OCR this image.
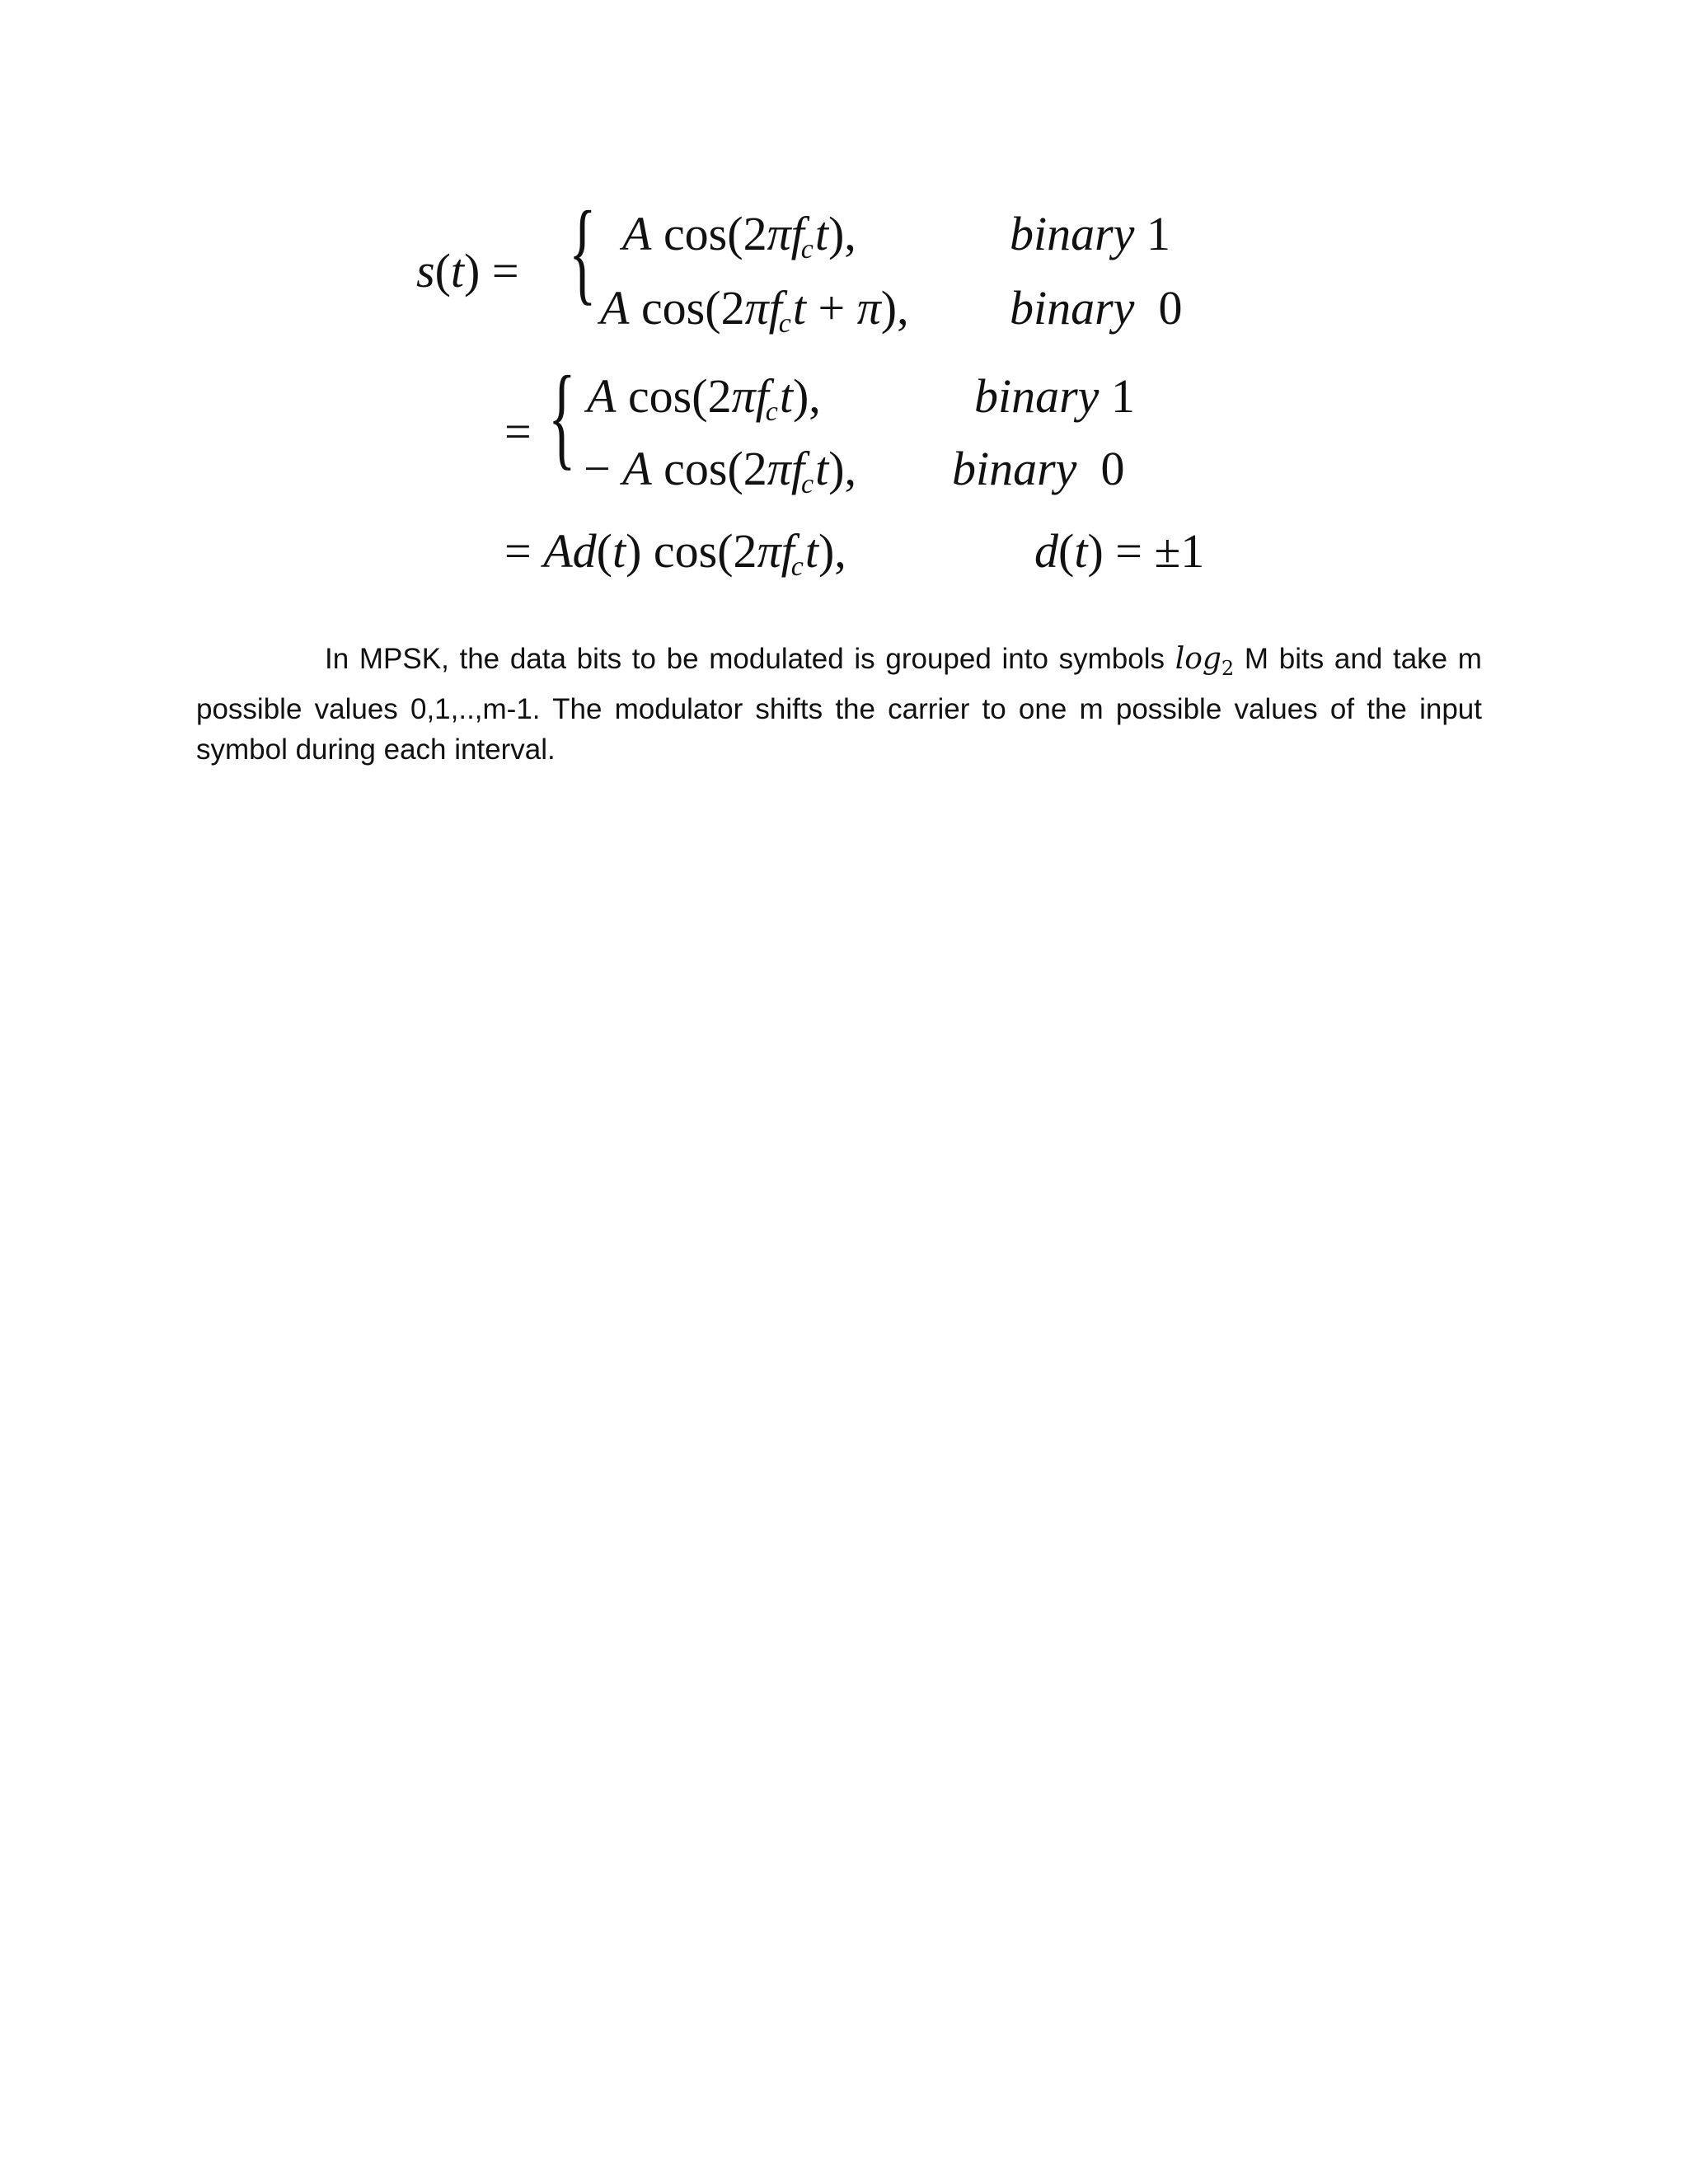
s(t) = { A $\cos(2\pi f_ct)$,	binary 1
A $\cos(2\pi f_ct + \pi)$, binary  0
= { A $\cos(2\pi f_ct)$,	binary 1
− A $\cos(2\pi f_ct)$, binary  0
= Ad(t) $\cos(2\pi f_ct)$,	d(t) = ±1

In MPSK, the data bits to be modulated is grouped into symbols $\log_2 M$ bits and take m possible values 0,1,..,m-1. The modulator shifts the carrier to one m possible values of the input symbol during each interval.
